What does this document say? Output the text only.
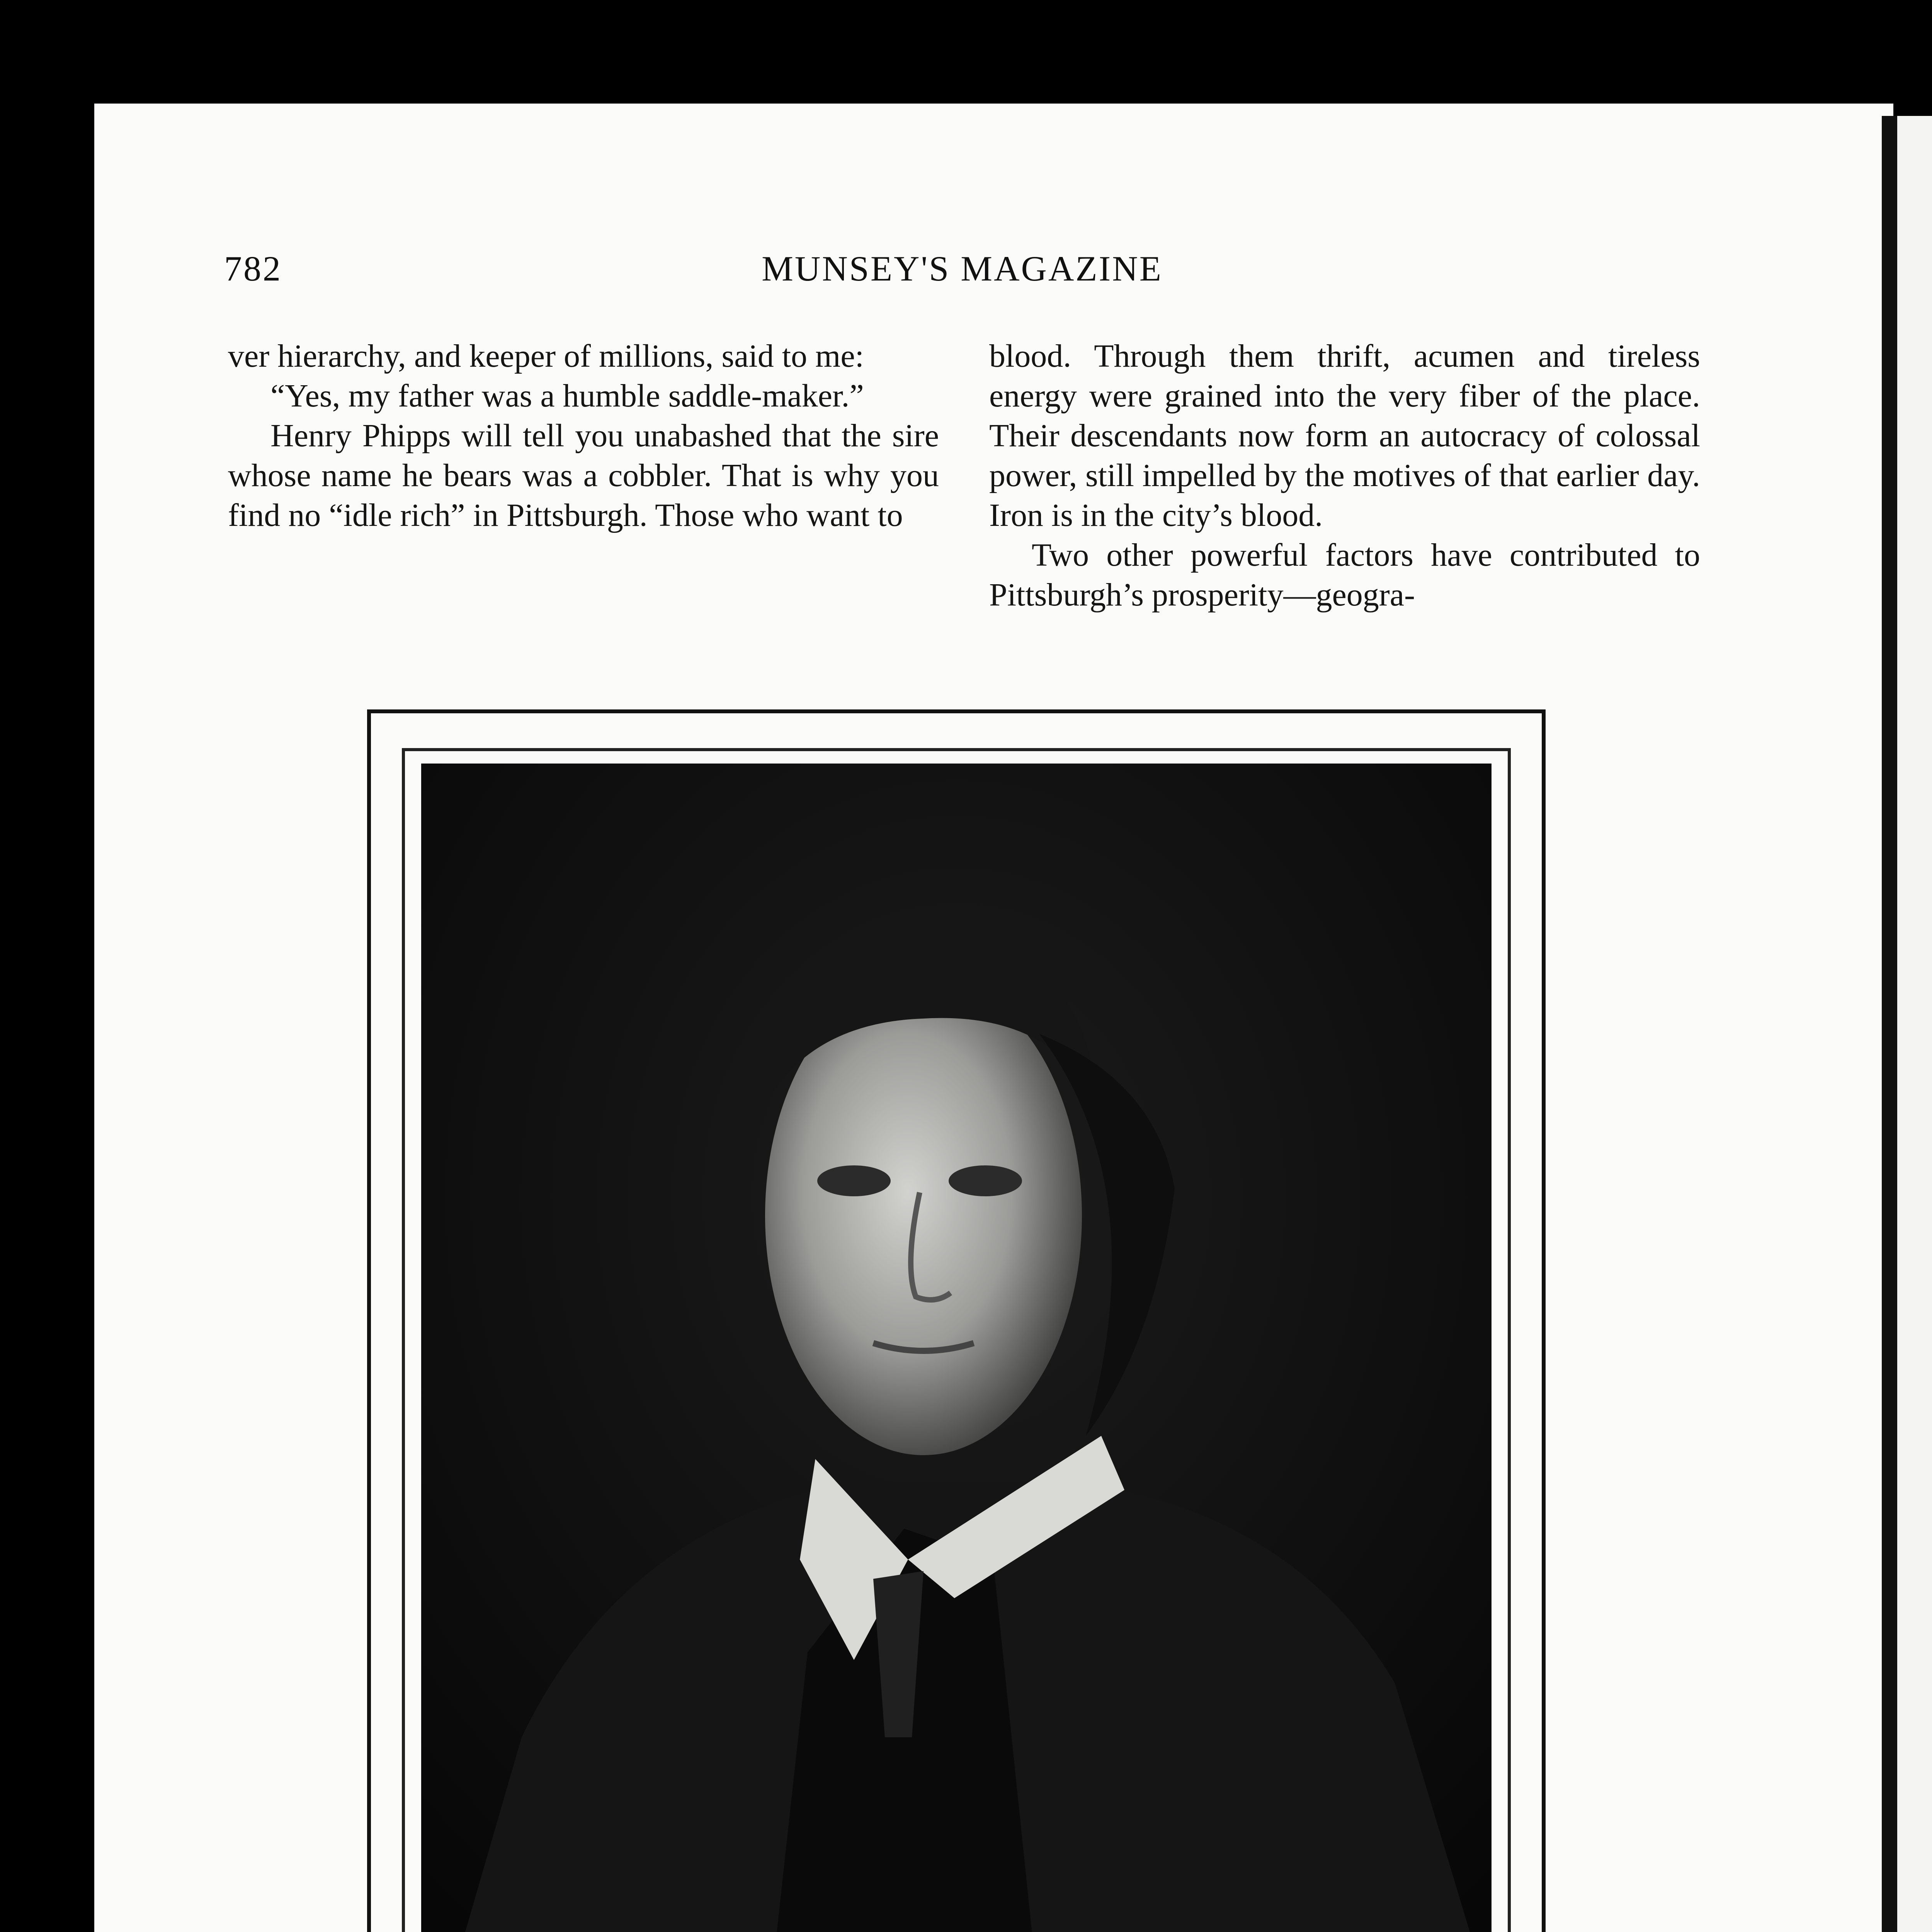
782	MUNSEY'S MAGAZINE

ver hierarchy, and keeper of millions, said to me:

“Yes, my father was a humble saddle-maker.”

Henry Phipps will tell you unabashed that the sire whose name he bears was a cobbler. That is why you find no “idle rich” in Pittsburgh. Those who want to

blood. Through them thrift, acumen and tireless energy were grained into the very fiber of the place. Their descendants now form an autocracy of colossal power, still impelled by the motives of that earlier day. Iron is in the city’s blood.

Two other powerful factors have contributed to Pittsburgh’s prosperity—geogra-
